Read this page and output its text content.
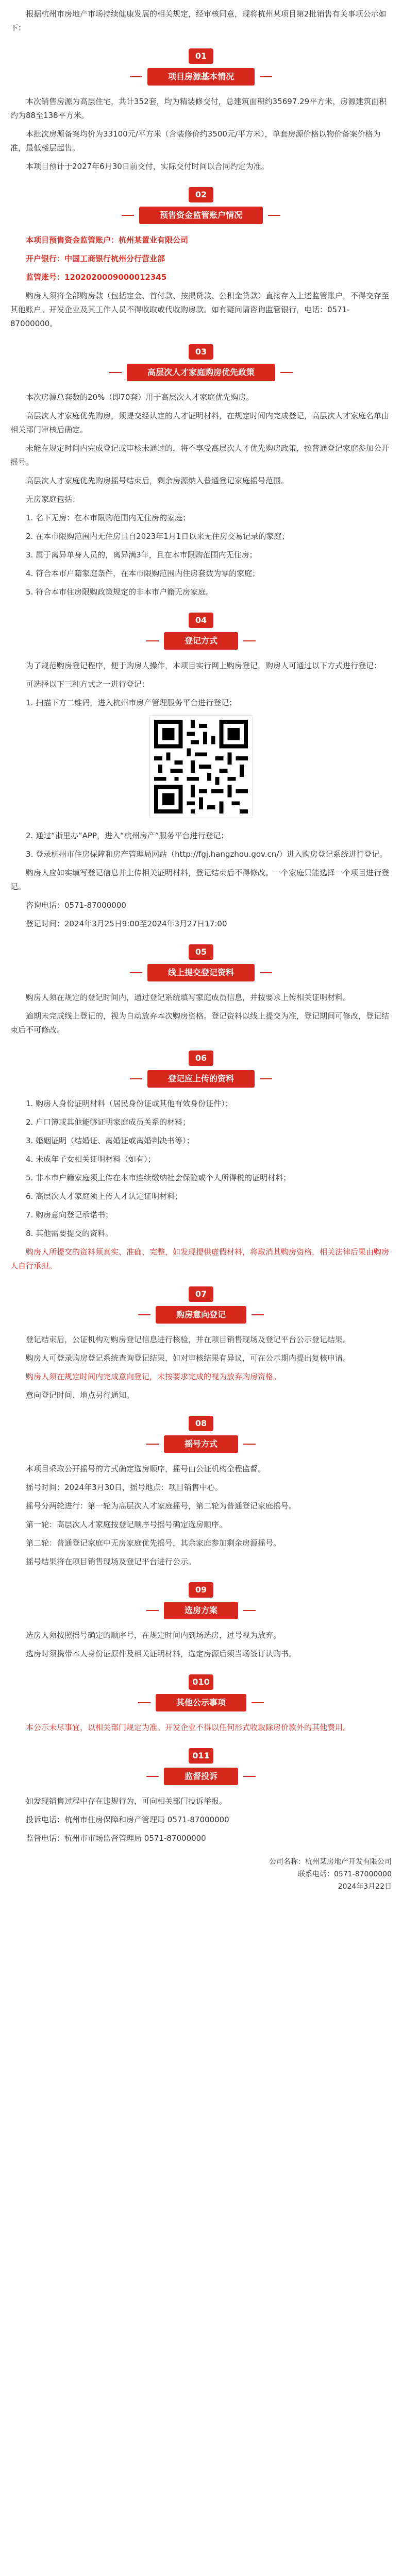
根据杭州市房地产市场持续健康发展的相关规定，经审核同意，现将杭州某项目第2批销售有关事项公示如下：

01
项目房源基本情况

本次销售房源为高层住宅，共计352套，均为精装修交付，总建筑面积约35697.29平方米，房源建筑面积约为88至138平方米。

本批次房源备案均价为33100元/平方米（含装修价约3500元/平方米），单套房源价格以物价备案价格为准，最低楼层起售。

本项目预计于2027年6月30日前交付，实际交付时间以合同约定为准。

02
预售资金监管账户情况

本项目预售资金监管账户：杭州某置业有限公司

开户银行：中国工商银行杭州分行营业部

监管账号：1202020009000012345

购房人须将全部购房款（包括定金、首付款、按揭贷款、公积金贷款）直接存入上述监管账户，不得交存至其他账户。开发企业及其工作人员不得收取或代收购房款。如有疑问请咨询监管银行，电话：0571-87000000。

03
高层次人才家庭购房优先政策

本次房源总套数的20%（即70套）用于高层次人才家庭优先购房。

高层次人才家庭优先购房，须提交经认定的人才证明材料，在规定时间内完成登记，高层次人才家庭名单由相关部门审核后确定。

未能在规定时间内完成登记或审核未通过的，将不享受高层次人才优先购房政策，按普通登记家庭参加公开摇号。

高层次人才家庭优先购房摇号结束后，剩余房源纳入普通登记家庭摇号范围。

无房家庭包括：

1. 名下无房：在本市限购范围内无住房的家庭；

2. 在本市限购范围内无住房且自2023年1月1日以来无住房交易记录的家庭；

3. 属于离异单身人员的，离异满3年，且在本市限购范围内无住房；

4. 符合本市户籍家庭条件，在本市限购范围内住房套数为零的家庭；

5. 符合本市住房限购政策规定的非本市户籍无房家庭。

04
登记方式

为了规范购房登记程序，便于购房人操作，本项目实行网上购房登记，购房人可通过以下方式进行登记：

可选择以下三种方式之一进行登记：

1. 扫描下方二维码，进入杭州市房产管理服务平台进行登记；

2. 通过“浙里办”APP，进入“杭州房产”服务平台进行登记；

3. 登录杭州市住房保障和房产管理局网站（http://fgj.hangzhou.gov.cn/）进入购房登记系统进行登记。

购房人应如实填写登记信息并上传相关证明材料，登记结束后不得修改。一个家庭只能选择一个项目进行登记。

咨询电话：0571-87000000

登记时间：2024年3月25日9:00至2024年3月27日17:00

05
线上提交登记资料

购房人须在规定的登记时间内，通过登记系统填写家庭成员信息，并按要求上传相关证明材料。

逾期未完成线上登记的，视为自动放弃本次购房资格。登记资料以线上提交为准，登记期间可修改，登记结束后不可修改。

06
登记应上传的资料

1. 购房人身份证明材料（居民身份证或其他有效身份证件）；

2. 户口簿或其他能够证明家庭成员关系的材料；

3. 婚姻证明（结婚证、离婚证或离婚判决书等）；

4. 未成年子女相关证明材料（如有）；

5. 非本市户籍家庭须上传在本市连续缴纳社会保险或个人所得税的证明材料；

6. 高层次人才家庭须上传人才认定证明材料；

7. 购房意向登记承诺书；

8. 其他需要提交的资料。

购房人所提交的资料须真实、准确、完整，如发现提供虚假材料，将取消其购房资格，相关法律后果由购房人自行承担。

07
购房意向登记

登记结束后，公证机构对购房登记信息进行核验，并在项目销售现场及登记平台公示登记结果。

购房人可登录购房登记系统查询登记结果，如对审核结果有异议，可在公示期内提出复核申请。

购房人须在规定时间内完成意向登记，未按要求完成的视为放弃购房资格。

意向登记时间、地点另行通知。

08
摇号方式

本项目采取公开摇号的方式确定选房顺序，摇号由公证机构全程监督。

摇号时间：2024年3月30日，摇号地点：项目销售中心。

摇号分两轮进行：第一轮为高层次人才家庭摇号，第二轮为普通登记家庭摇号。

第一轮：高层次人才家庭按登记顺序号摇号确定选房顺序。

第二轮：普通登记家庭中无房家庭优先摇号，其余家庭参加剩余房源摇号。

摇号结果将在项目销售现场及登记平台进行公示。

09
选房方案

选房人须按照摇号确定的顺序号，在规定时间内到场选房，过号视为放弃。

选房时须携带本人身份证原件及相关证明材料，选定房源后须当场签订认购书。

010
其他公示事项

本公示未尽事宜，以相关部门规定为准。开发企业不得以任何形式收取除房价款外的其他费用。

011
监督投诉

如发现销售过程中存在违规行为，可向相关部门投诉举报。

投诉电话：杭州市住房保障和房产管理局 0571-87000000

监督电话：杭州市市场监督管理局 0571-87000000

公司名称：杭州某房地产开发有限公司
联系电话：0571-87000000
2024年3月22日
